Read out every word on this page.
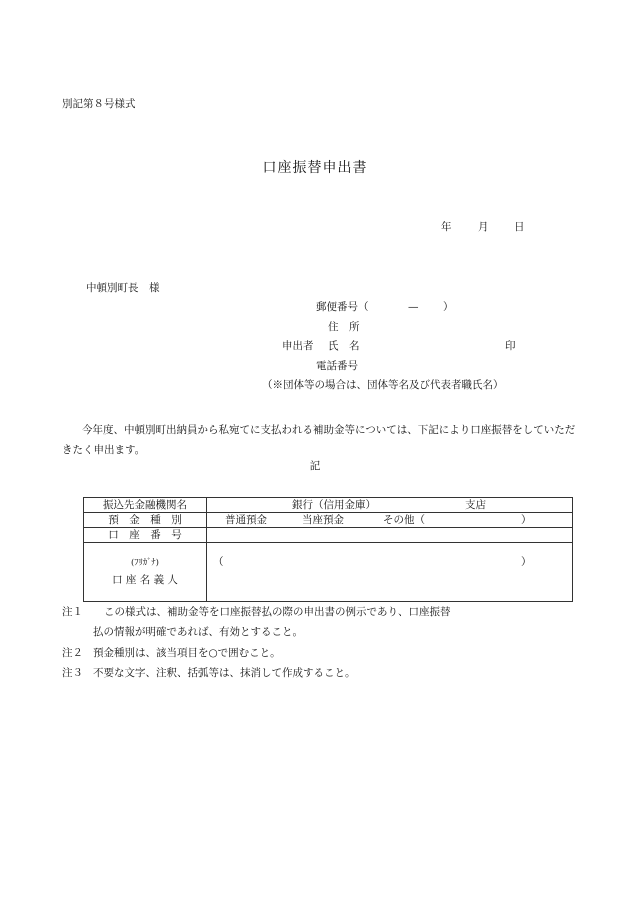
別記第８号様式
口座振替申出書
年	月 日
中頓別町長　様
郵便番号（	— ）
住　所
申出者 氏　名	印
電話番号
（※団体等の場合は、団体等名及び代表者職氏名）
今年度、中頓別町出納員から私宛てに支払われる補助金等については、下記により口座振替をしていただきたく申出ます。
記
振込先金融機関名	銀行（信用金庫） 支店

預　金　種　別	普通預金 当座預金 その他（ ）

口　座　番　号	

(ﾌﾘｶﾞﾅ)
口 座 名 義 人	（ ）
注１ この様式は、補助金等を口座振替払の際の申出書の例示であり、口座振替
払の情報が明確であれば、有効とすること。
注２ 預金種別は、該当項目を○で囲むこと。
注３ 不要な文字、注釈、括弧等は、抹消して作成すること。
